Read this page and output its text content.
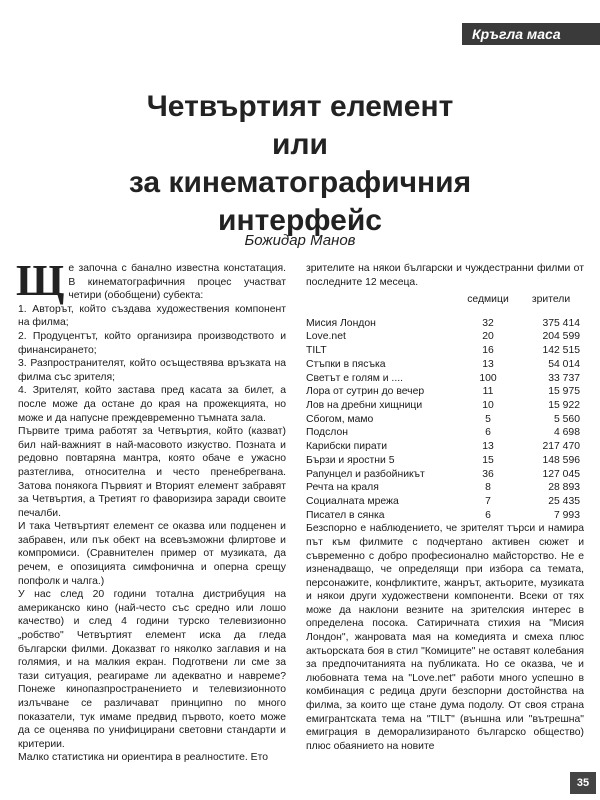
Кръгла маса
Четвъртият елемент
или
за кинематографичния
интерфейс
Божидар Манов

Ще започна с банално известна констатация. В кинематографичния процес участват четири (обобщени) субекта:

1. Авторът, който създава художествения компонент на филма;

2. Продуцентът, който организира производството и финансирането;

3. Разпространителят, който осъществява връзката на филма със зрителя;

4. Зрителят, който застава пред касата за билет, а после може да остане до края на прожекцията, но може и да напусне преждевременно тъмната зала.

Първите трима работят за Четвъртия, който (казват) бил най-важният в най-масовото изкуство. Позната и редовно повтаряна мантра, която обаче е ужасно разтеглива, относителна и често пренебрегвана. Затова понякога Първият и Вторият елемент забравят за Четвъртия, а Третият го фаворизира заради своите печалби.

И така Четвъртият елемент се оказва или подценен и забравен, или пък обект на всевъзможни флиртове и компромиси. (Сравнителен пример от музиката, да речем, е опозицията симфонична и оперна срещу попфолк и чалга.)

У нас след 20 години тотална дистрибуция на американско кино (най-често със средно или лошо качество) и след 4 години турско телевизионно „робство" Четвъртият елемент иска да гледа български филми. Доказват го няколко заглавия и на голямия, и на малкия екран. Подготвени ли сме за тази ситуация, реагираме ли адекватно и навреме? Понеже кинопазпространението и телевизионното излъчване се различават принципно по много показатели, тук имаме предвид първото, което може да се оценява по унифицирани световни стандарти и критерии.

Малко статистика ни ориентира в реалностите. Ето

зрителите на някои български и чуждестранни филми от последните 12 месеца.

	седмици	зрители
Мисия Лондон	32	375 414
Love.net	20	204 599
TILT	16	142 515
Стъпки в пясъка	13	54 014
Светът е голям и ....	100	33 737
Лора от сутрин до вечер	11	15 975
Лов на дребни хищници	10	15 922
Сбогом, мамо	5	5 560
Подслон	6	4 698
Карибски пирати	13	217 470
Бързи и яростни 5	15	148 596
Рапунцел и разбойникът	36	127 045
Речта на краля	8	28 893
Социалната мрежа	7	25 435
Писател в сянка	6	7 993

Безспорно е наблюдението, че зрителят търси и намира път към филмите с подчертано активен сюжет и съвременно с добро професионално майсторство. Не е изненадващо, че определящи при избора са темата, персонажите, конфликтите, жанрът, актьорите, музиката и някои други художествени компоненти. Всеки от тях може да наклони везните на зрителския интерес в определена посока. Сатиричната стихия на "Мисия Лондон", жанровата мая на комедията и смеха плюс актьорската боя в стил "Комиците" не оставят колебания за предпочитанията на публиката. Но се оказва, че и любовната тема на "Love.net" работи много успешно в комбинация с редица други безспорни достойнства на филма, за които ще стане дума подолу. От своя страна емигрантската тема на "TILT" (външна или "вътрешна" емиграция в деморализираното българско общество) плюс обаянието на новите

35
